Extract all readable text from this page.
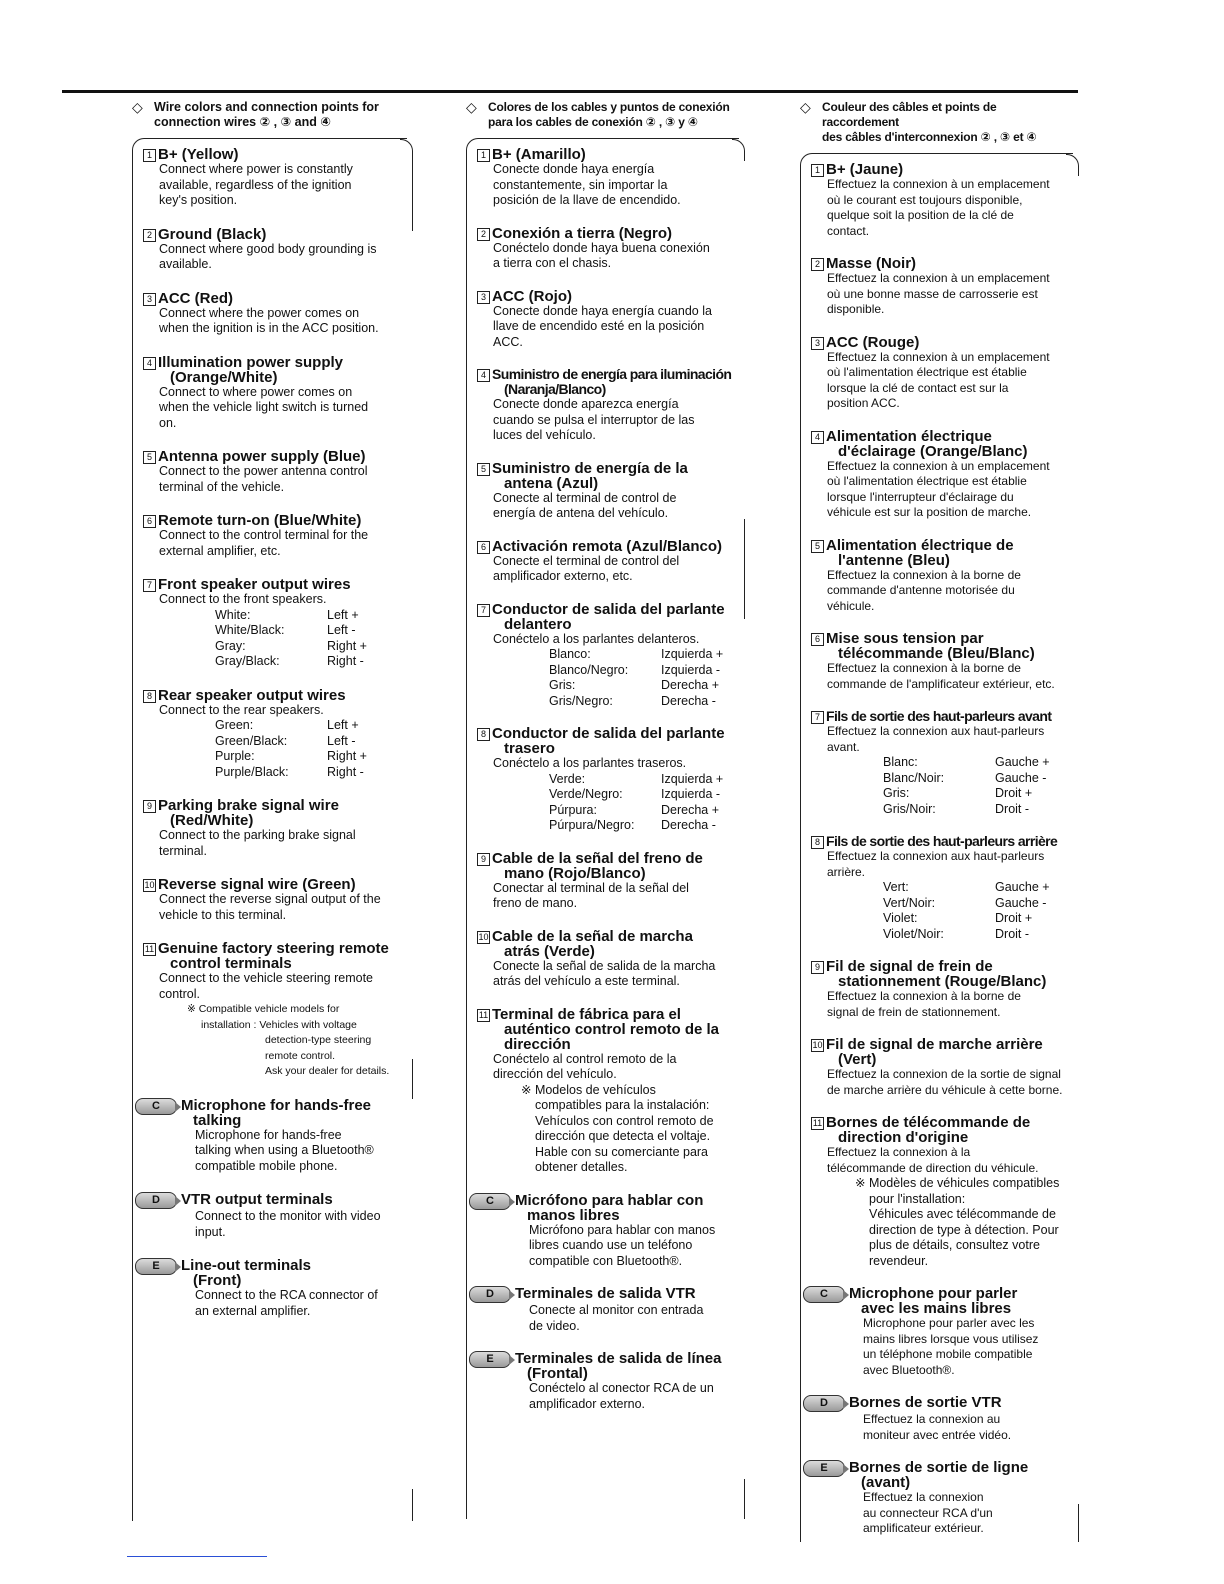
◇ Wire colors and connection points for
connection wires ② , ③ and ④
1 B+ (Yellow)
Connect where power is constantly
available, regardless of the ignition
key's position.
2 Ground (Black)
Connect where good body grounding is
available.
3 ACC (Red)
Connect where the power comes on
when the ignition is in the ACC position.
4 Illumination power supply
(Orange/White)
Connect to where power comes on
when the vehicle light switch is turned
on.
5 Antenna power supply (Blue)
Connect to the power antenna control
terminal of the vehicle.
6 Remote turn-on (Blue/White)
Connect to the control terminal for the
external amplifier, etc.
7 Front speaker output wires
Connect to the front speakers.
White:	Left +
White/Black:	Left -
Gray:	Right +
Gray/Black:	Right -
8 Rear speaker output wires
Connect to the rear speakers.
Green:	Left +
Green/Black:	Left -
Purple:	Right +
Purple/Black:	Right -
9 Parking brake signal wire
(Red/White)
Connect to the parking brake signal
terminal.
10 Reverse signal wire (Green)
Connect the reverse signal output of the
vehicle to this terminal.
11 Genuine factory steering remote
control terminals
Connect to the vehicle steering remote
control.
※ Compatible vehicle models for
installation : Vehicles with voltage
detection-type steering
remote control.
Ask your dealer for details.
C	Microphone for hands-free
talking
Microphone for hands-free
talking when using a Bluetooth®
compatible mobile phone.
D	VTR output terminals
Connect to the monitor with video
input.
E	Line-out terminals
(Front)
Connect to the RCA connector of
an external amplifier.
◇ Colores de los cables y puntos de conexión
para los cables de conexión ② , ③ y ④
1 B+ (Amarillo)
Conecte donde haya energía
constantemente, sin importar la
posición de la llave de encendido.
2 Conexión a tierra (Negro)
Conéctelo donde haya buena conexión
a tierra con el chasis.
3 ACC (Rojo)
Conecte donde haya energía cuando la
llave de encendido esté en la posición
ACC.
4 Suministro de energía para iluminación
(Naranja/Blanco)
Conecte donde aparezca energía
cuando se pulsa el interruptor de las
luces del vehículo.
5 Suministro de energía de la
antena (Azul)
Conecte al terminal de control de
energía de antena del vehículo.
6 Activación remota (Azul/Blanco)
Conecte el terminal de control del
amplificador externo, etc.
7 Conductor de salida del parlante
delantero
Conéctelo a los parlantes delanteros.
Blanco:	Izquierda +
Blanco/Negro:	Izquierda -
Gris:	Derecha +
Gris/Negro:	Derecha -
8 Conductor de salida del parlante
trasero
Conéctelo a los parlantes traseros.
Verde:	Izquierda +
Verde/Negro:	Izquierda -
Púrpura:	Derecha +
Púrpura/Negro:	Derecha -
9 Cable de la señal del freno de
mano (Rojo/Blanco)
Conectar al terminal de la señal del
freno de mano.
10 Cable de la señal de marcha
atrás (Verde)
Conecte la señal de salida de la marcha
atrás del vehículo a este terminal.
11 Terminal de fábrica para el
auténtico control remoto de la
dirección
Conéctelo al control remoto de la
dirección del vehículo.
※ Modelos de vehículos
compatibles para la instalación:
Vehículos con control remoto de
dirección que detecta el voltaje.
Hable con su comerciante para
obtener detalles.
C	Micrófono para hablar con
manos libres
Micrófono para hablar con manos
libres cuando use un teléfono
compatible con Bluetooth®.
D	Terminales de salida VTR
Conecte al monitor con entrada
de video.
E	Terminales de salida de línea
(Frontal)
Conéctelo al conector RCA de un
amplificador externo.
◇ Couleur des câbles et points de raccordement
des câbles d'interconnexion ② , ③ et ④
1 B+ (Jaune)
Effectuez la connexion à un emplacement
où le courant est toujours disponible,
quelque soit la position de la clé de
contact.
2 Masse (Noir)
Effectuez la connexion à un emplacement
où une bonne masse de carrosserie est
disponible.
3 ACC (Rouge)
Effectuez la connexion à un emplacement
où l'alimentation électrique est établie
lorsque la clé de contact est sur la
position ACC.
4 Alimentation électrique
d'éclairage (Orange/Blanc)
Effectuez la connexion à un emplacement
où l'alimentation électrique est établie
lorsque l'interrupteur d'éclairage du
véhicule est sur la position de marche.
5 Alimentation électrique de
l'antenne (Bleu)
Effectuez la connexion à la borne de
commande d'antenne motorisée du
véhicule.
6 Mise sous tension par
télécommande (Bleu/Blanc)
Effectuez la connexion à la borne de
commande de l'amplificateur extérieur, etc.
7 Fils de sortie des haut-parleurs avant
Effectuez la connexion aux haut-parleurs
avant.
Blanc:	Gauche +
Blanc/Noir:	Gauche -
Gris:	Droit +
Gris/Noir:	Droit -
8 Fils de sortie des haut-parleurs arrière
Effectuez la connexion aux haut-parleurs
arrière.
Vert:	Gauche +
Vert/Noir:	Gauche -
Violet:	Droit +
Violet/Noir:	Droit -
9 Fil de signal de frein de
stationnement (Rouge/Blanc)
Effectuez la connexion à la borne de
signal de frein de stationnement.
10 Fil de signal de marche arrière
(Vert)
Effectuez la connexion de la sortie de signal
de marche arrière du véhicule à cette borne.
11 Bornes de télécommande de
direction d'origine
Effectuez la connexion à la
télécommande de direction du véhicule.
※ Modèles de véhicules compatibles
pour l'installation:
Véhicules avec télécommande de
direction de type à détection. Pour
plus de détails, consultez votre
revendeur.
C	Microphone pour parler
avec les mains libres
Microphone pour parler avec les
mains libres lorsque vous utilisez
un téléphone mobile compatible
avec Bluetooth®.
D	Bornes de sortie VTR
Effectuez la connexion au
moniteur avec entrée vidéo.
E	Bornes de sortie de ligne
(avant)
Effectuez la connexion
au connecteur RCA d'un
amplificateur extérieur.
